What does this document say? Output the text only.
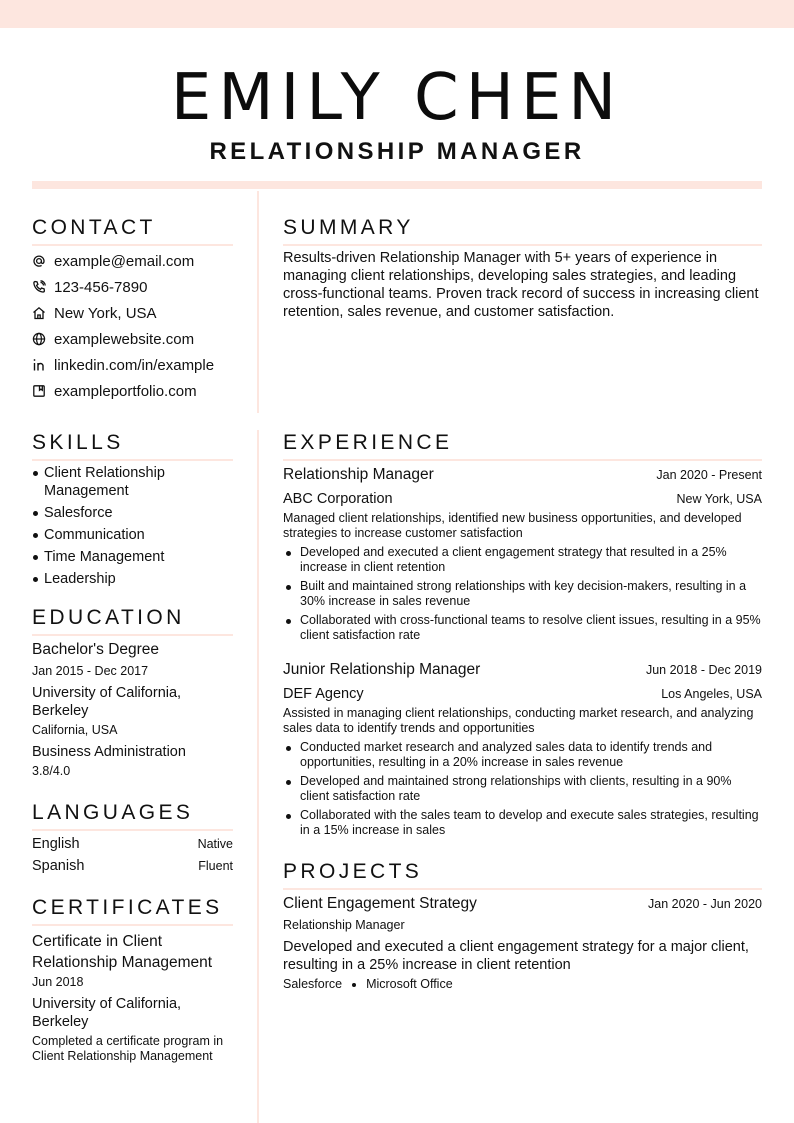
EMILY CHEN
RELATIONSHIP MANAGER
CONTACT
example@email.com
123-456-7890
New York, USA
examplewebsite.com
linkedin.com/in/example
exampleportfolio.com
SUMMARY

Results-driven Relationship Manager with 5+ years of experience in managing client relationships, developing sales strategies, and leading cross-functional teams. Proven track record of success in increasing client retention, sales revenue, and customer satisfaction.

SKILLS
Client Relationship Management
Salesforce
Communication
Time Management
Leadership
EDUCATION

Bachelor's Degree

Jan 2015 - Dec 2017

University of California, Berkeley

California, USA

Business Administration

3.8/4.0

LANGUAGES
English	Native
Spanish	Fluent
CERTIFICATES

Certificate in Client Relationship Management

Jun 2018

University of California, Berkeley

Completed a certificate program in Client Relationship Management

EXPERIENCE
Relationship Manager	Jan 2020 - Present
ABC Corporation	New York, USA

Managed client relationships, identified new business opportunities, and developed strategies to increase customer satisfaction

Developed and executed a client engagement strategy that resulted in a 25% increase in client retention
Built and maintained strong relationships with key decision-makers, resulting in a 30% increase in sales revenue
Collaborated with cross-functional teams to resolve client issues, resulting in a 95% client satisfaction rate
Junior Relationship Manager	Jun 2018 - Dec 2019
DEF Agency	Los Angeles, USA

Assisted in managing client relationships, conducting market research, and analyzing sales data to identify trends and opportunities

Conducted market research and analyzed sales data to identify trends and opportunities, resulting in a 20% increase in sales revenue
Developed and maintained strong relationships with clients, resulting in a 90% client satisfaction rate
Collaborated with the sales team to develop and execute sales strategies, resulting in a 15% increase in sales
PROJECTS
Client Engagement Strategy	Jan 2020 - Jun 2020

Relationship Manager

Developed and executed a client engagement strategy for a major client, resulting in a 25% increase in client retention

Salesforce Microsoft Office
